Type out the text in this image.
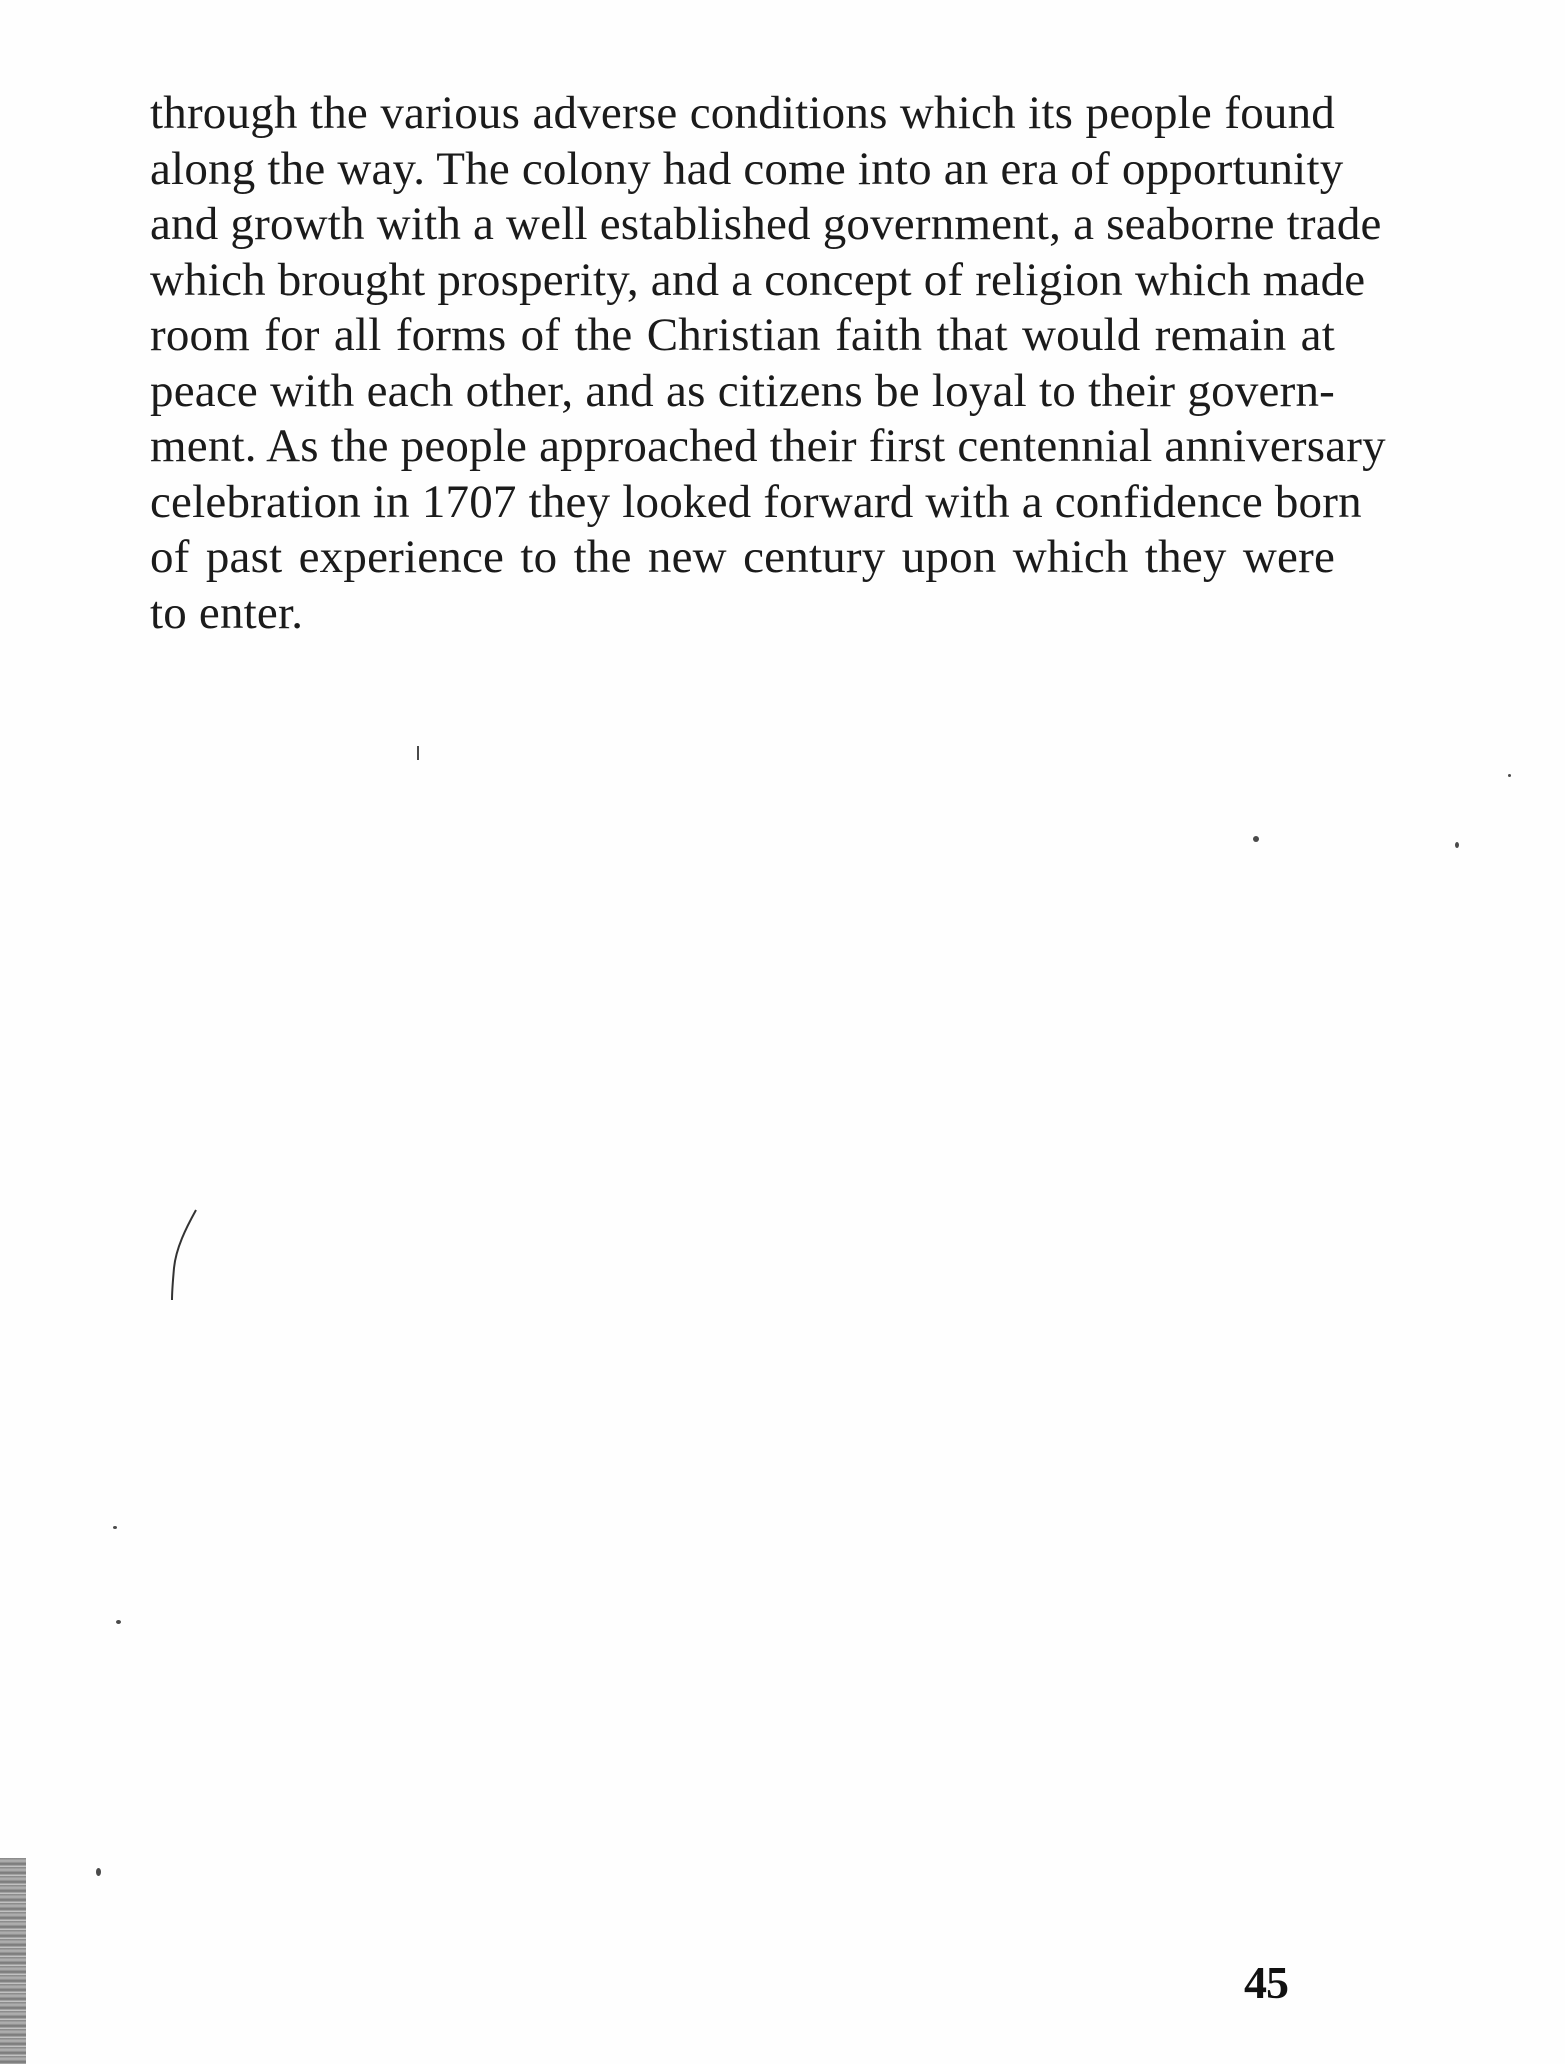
through the various adverse conditions which its people found
along the way. The colony had come into an era of opportunity
and growth with a well established government, a seaborne trade
which brought prosperity, and a concept of religion which made
room for all forms of the Christian faith that would remain at
peace with each other, and as citizens be loyal to their govern-
ment. As the people approached their first centennial anniversary
celebration in 1707 they looked forward with a confidence born
of past experience to the new century upon which they were
to enter.
45
